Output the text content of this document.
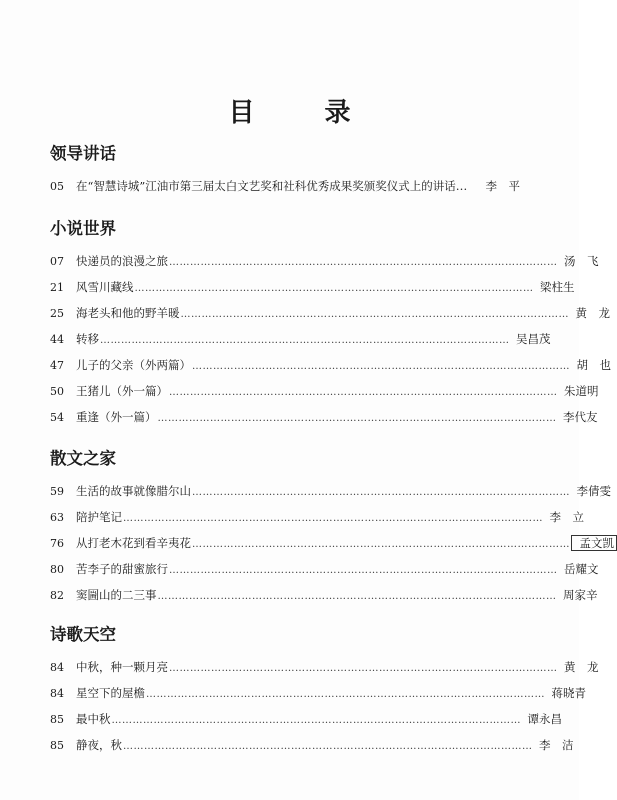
目　录
领导讲话
05	在“智慧诗城”江油市第三届太白文艺奖和社科优秀成果奖颁奖仪式上的讲话…	李　平
小说世界
07	快递员的浪漫之旅 ………………………………………………………………………………………………… 汤　飞
21	风雪川藏线 …………………………………………………………………………………………………… 梁柱生
25	海老头和他的野羊暖 ………………………………………………………………………………………………… 黄　龙
44	转移 ……………………………………………………………………………………………………… 吴昌茂
47	儿子的父亲（外两篇） ……………………………………………………………………………………………… 胡　也
50	王猪儿（外一篇） ………………………………………………………………………………………………… 朱道明
54	重逢（外一篇） …………………………………………………………………………………………………… 李代友
散文之家
59	生活的故事就像腊尔山 ……………………………………………………………………………………………… 李倩雯
63	陪护笔记 ………………………………………………………………………………………………………… 李　立
76	从打老木花到看辛夷花 ……………………………………………………………………………………………… 孟文凯
80	苦李子的甜蜜旅行 ………………………………………………………………………………………………… 岳耀文
82	窦圌山的二三事 …………………………………………………………………………………………………… 周家辛
诗歌天空
84	中秋，种一颗月亮 ………………………………………………………………………………………………… 黄　龙
84	星空下的屋檐 …………………………………………………………………………………………………… 蒋晓青
85	最中秋 ……………………………………………………………………………………………………… 谭永昌
85	静夜，秋 ……………………………………………………………………………………………………… 李　洁
